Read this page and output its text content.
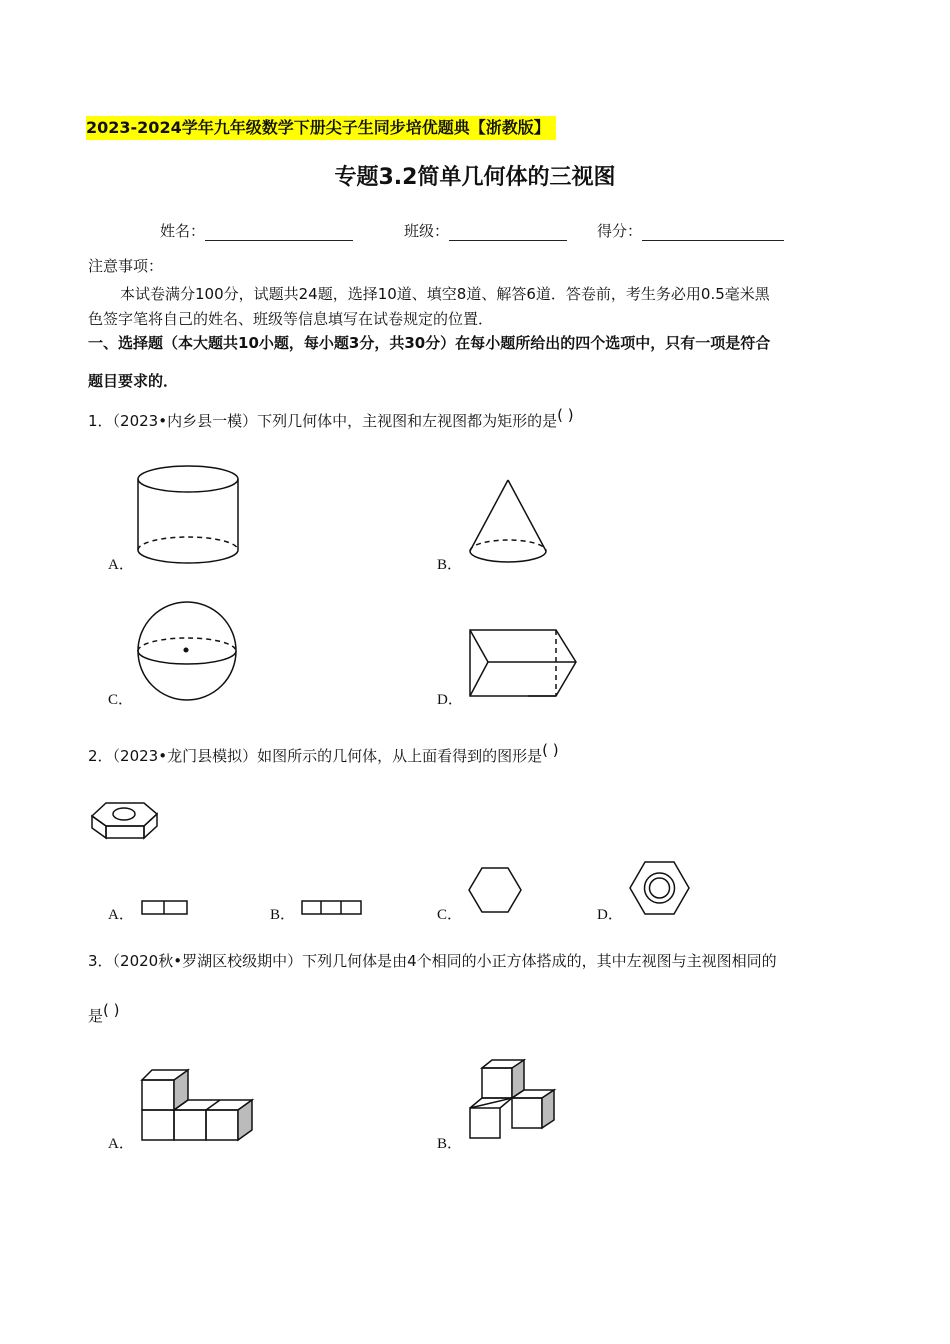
2023-2024学年九年级数学下册尖子生同步培优题典【浙教版】
专题3.2简单几何体的三视图
姓名：	班级：	得分：
注意事项：
本试卷满分100分，试题共24题，选择10道、填空8道、解答6道．答卷前，考生务必用0.5毫米黑
色签字笔将自己的姓名、班级等信息填写在试卷规定的位置．
一、选择题（本大题共10小题，每小题3分，共30分）在每小题所给出的四个选项中，只有一项是符合
题目要求的．
1．（2023•内乡县一模）下列几何体中，主视图和左视图都为矩形的是( )
A．	B．
C．	D．
2．（2023•龙门县模拟）如图所示的几何体，从上面看得到的图形是( )
A．	B．	C．	D．
3．（2020秋•罗湖区校级期中）下列几何体是由4个相同的小正方体搭成的，其中左视图与主视图相同的
是( )
A．	B．
